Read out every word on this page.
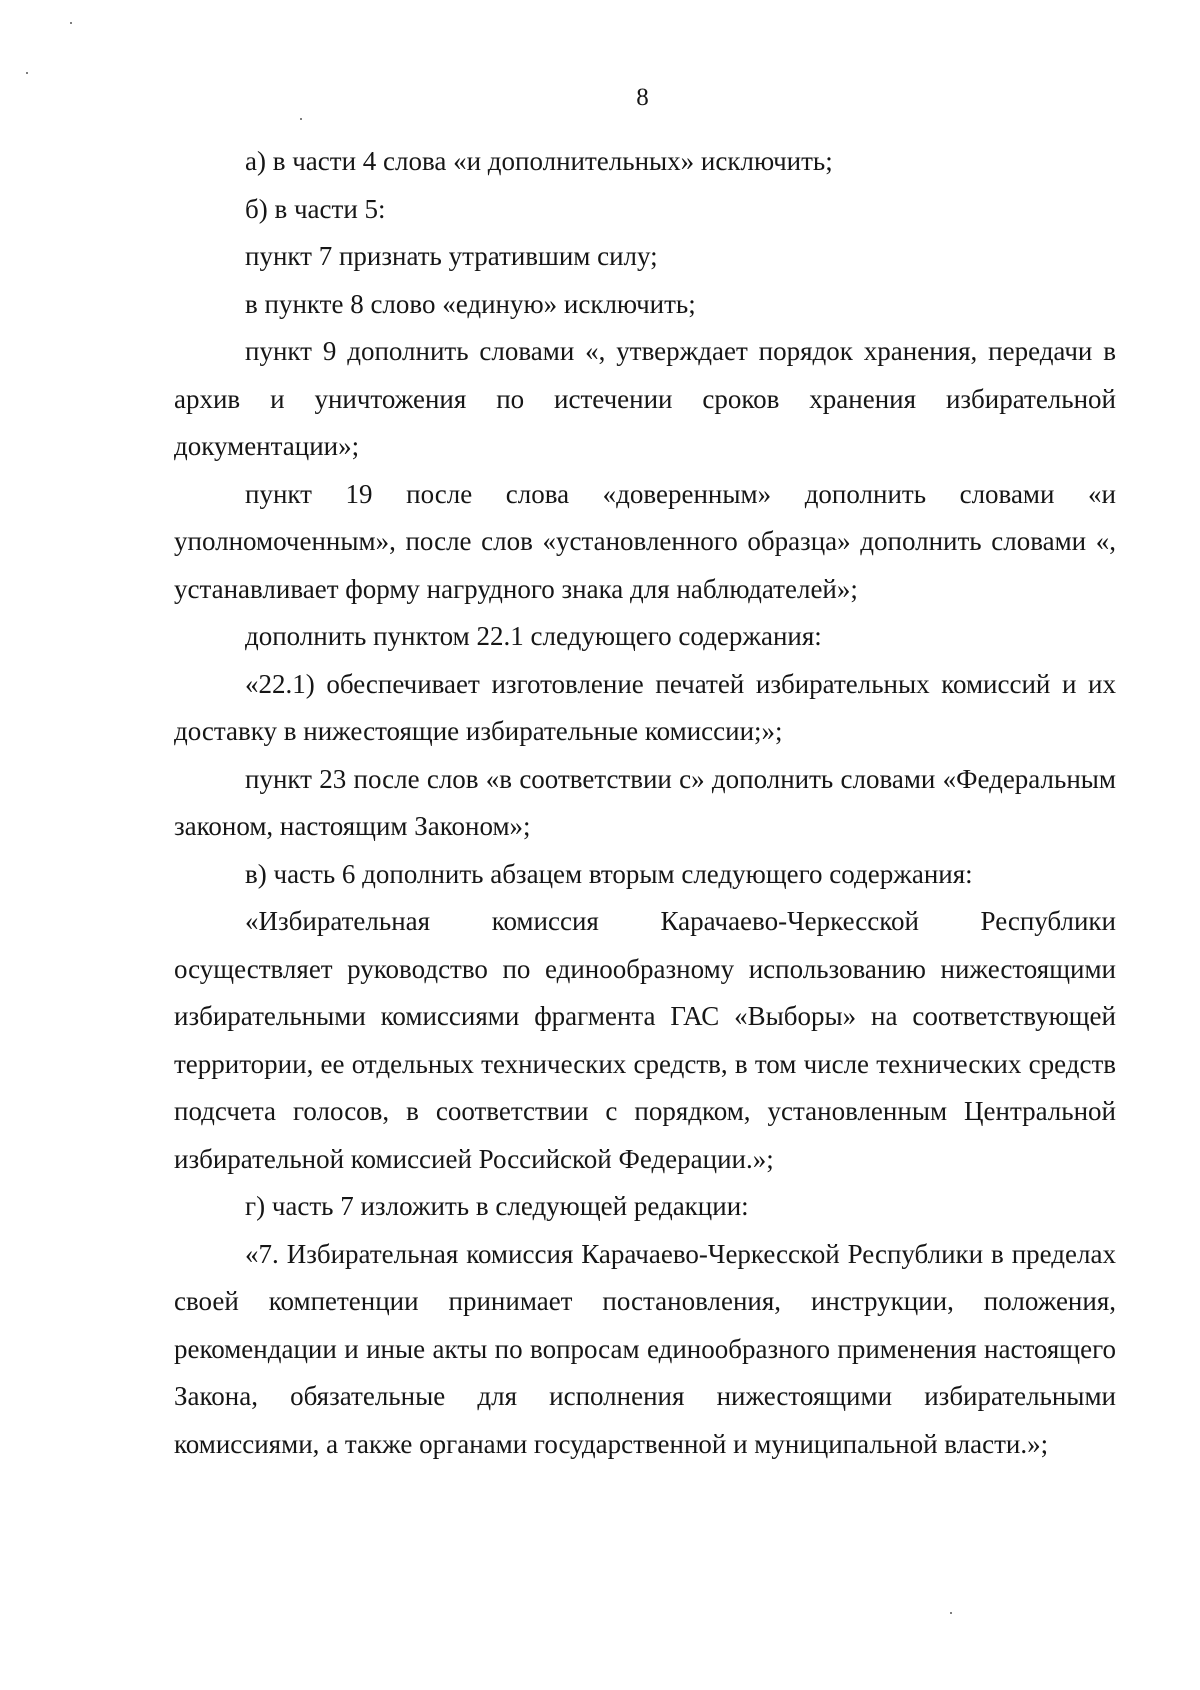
8

а) в части 4 слова «и дополнительных» исключить;

б) в части 5:

пункт 7 признать утратившим силу;

в пункте 8 слово «единую» исключить;

пункт 9 дополнить словами «, утверждает порядок хранения, передачи в архив и уничтожения по истечении сроков хранения избирательной документации»;

пункт 19 после слова «доверенным» дополнить словами «и уполномоченным», после слов «установленного образца» дополнить словами «, устанавливает форму нагрудного знака для наблюдателей»;

дополнить пунктом 22.1 следующего содержания:

«22.1) обеспечивает изготовление печатей избирательных комиссий и их доставку в нижестоящие избирательные комиссии;»;

пункт 23 после слов «в соответствии с» дополнить словами «Федеральным законом, настоящим Законом»;

в) часть 6 дополнить абзацем вторым следующего содержания:

«Избирательная комиссия Карачаево-Черкесской Республики осуществляет руководство по единообразному использованию нижестоящими избирательными комиссиями фрагмента ГАС «Выборы» на соответствующей территории, ее отдельных технических средств, в том числе технических средств подсчета голосов, в соответствии с порядком, установленным Центральной избирательной комиссией Российской Федерации.»;

г) часть 7 изложить в следующей редакции:

«7. Избирательная комиссия Карачаево-Черкесской Республики в пределах своей компетенции принимает постановления, инструкции, положения, рекомендации и иные акты по вопросам единообразного применения настоящего Закона, обязательные для исполнения нижестоящими избирательными комиссиями, а также органами государственной и муниципальной власти.»;
